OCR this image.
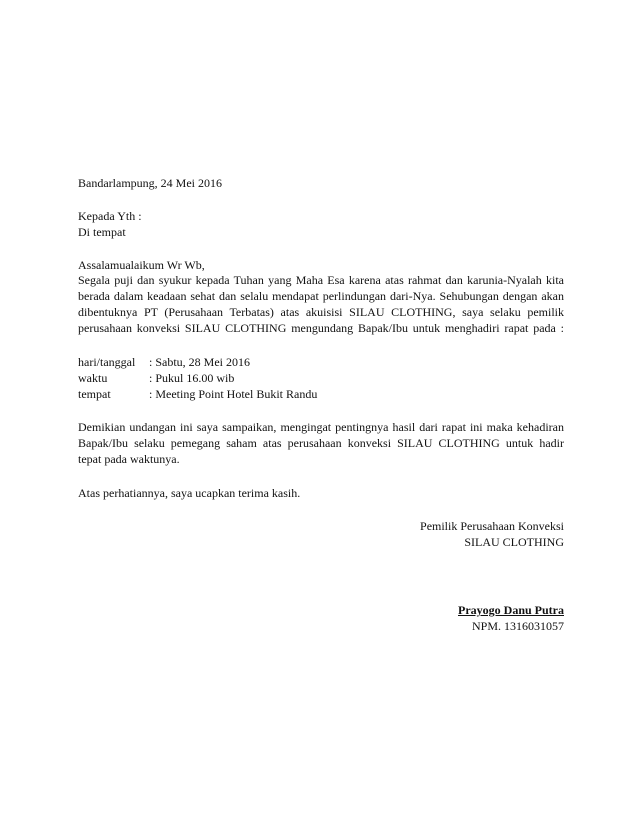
Bandarlampung, 24 Mei 2016
Kepada Yth :
Di tempat
Assalamualaikum Wr Wb,
Segala puji dan syukur kepada Tuhan yang Maha Esa karena atas rahmat dan karunia-Nyalah kita
berada dalam keadaan sehat dan selalu mendapat perlindungan dari-Nya. Sehubungan dengan akan
dibentuknya PT (Perusahaan Terbatas) atas akuisisi SILAU CLOTHING, saya selaku pemilik
perusahaan konveksi SILAU CLOTHING mengundang Bapak/Ibu untuk menghadiri rapat pada :
hari/tanggal : Sabtu, 28 Mei 2016
waktu	: Pukul 16.00 wib
tempat	: Meeting Point Hotel Bukit Randu
Demikian undangan ini saya sampaikan, mengingat pentingnya hasil dari rapat ini maka kehadiran
Bapak/Ibu selaku pemegang saham atas perusahaan konveksi SILAU CLOTHING untuk hadir
tepat pada waktunya.
Atas perhatiannya, saya ucapkan terima kasih.
Pemilik Perusahaan Konveksi
SILAU CLOTHING
Prayogo Danu Putra
NPM. 1316031057
